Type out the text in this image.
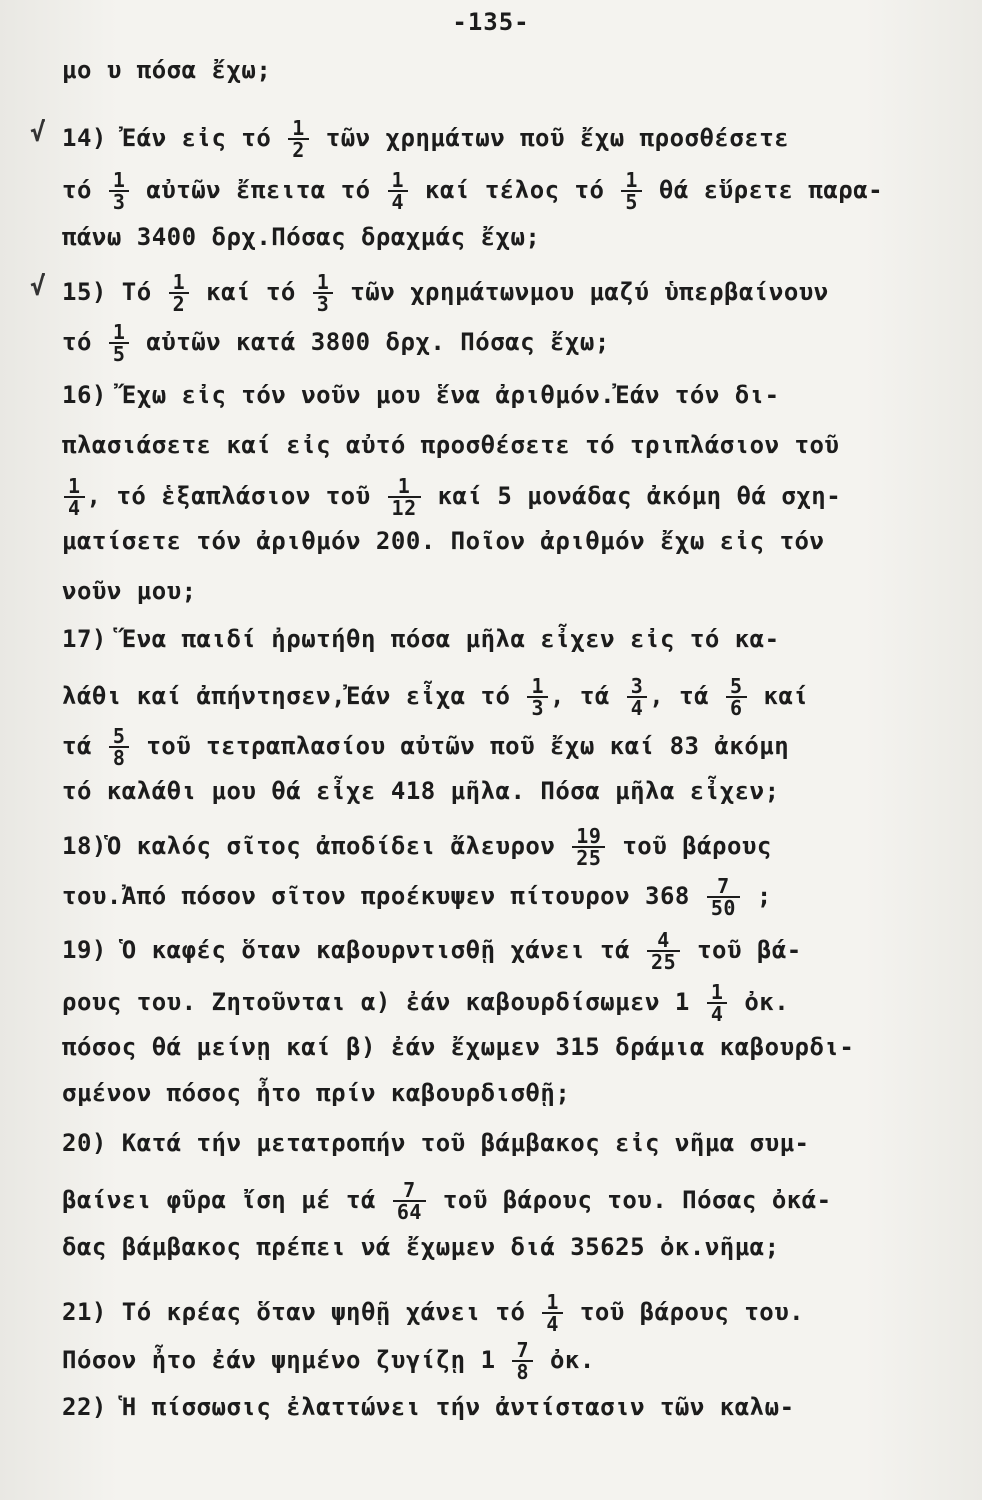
-135-
√
√
μο υ πόσα ἔχω;
14) Ἐάν εἰς τό $\frac{1}{2}$ τῶν χρημάτων ποῦ ἔχω προσθέσετε
τό $\frac{1}{3}$ αὐτῶν ἔπειτα τό $\frac{1}{4}$ καί τέλος τό $\frac{1}{5}$ θά εὕρετε παρα-
πάνω 3400 δρχ.Πόσας δραχμάς ἔχω;
15) Τό $\frac{1}{2}$ καί τό $\frac{1}{3}$ τῶν χρημάτωνμου μαζύ ὑπερβαίνουν
τό $\frac{1}{5}$ αὐτῶν κατά 3800 δρχ. Πόσας ἔχω;
16) Ἔχω εἰς τόν νοῦν μου ἕνα ἀριθμόν.Ἐάν τόν δι-
πλασιάσετε καί εἰς αὐτό προσθέσετε τό τριπλάσιον τοῦ
$\frac{1}{4}$ , τό ἑξαπλάσιον τοῦ $\frac{1}{12}$ καί 5 μονάδας ἀκόμη θά σχη-
ματίσετε τόν ἀριθμόν 200. Ποῖον ἀριθμόν ἔχω εἰς τόν
νοῦν μου;
17) Ἕνα παιδί ἠρωτήθη πόσα μῆλα εἶχεν εἰς τό κα-
λάθι καί ἀπήντησεν,Ἐάν εἶχα τό $\frac{1}{3}$ , τά $\frac{3}{4}$ , τά $\frac{5}{6}$ καί
τά $\frac{5}{8}$ τοῦ τετραπλασίου αὐτῶν ποῦ ἔχω καί 83 ἀκόμη
τό καλάθι μου θά εἶχε 418 μῆλα. Πόσα μῆλα εἶχεν;
18)Ὁ καλός σῖτος ἀποδίδει ἄλευρον $\frac{19}{25}$ τοῦ βάρους
του.Ἀπό πόσον σῖτον προέκυψεν πίτουρον $368 \frac{7}{50}$ ;
19) Ὁ καφές ὅταν καβουρντισθῇ χάνει τά $\frac{4}{25}$ τοῦ βά-
ρους του. Ζητοῦνται α) ἐάν καβουρδίσωμεν $1 \frac{1}{4}$ ὀκ.
πόσος θά μείνῃ καί β) ἐάν ἔχωμεν 315 δράμια καβουρδι-
σμένον πόσος ἦτο πρίν καβουρδισθῇ;
20) Κατά τήν μετατροπήν τοῦ βάμβακος εἰς νῆμα συμ-
βαίνει φῦρα ἴση μέ τά $\frac{7}{64}$ τοῦ βάρους του. Πόσας ὀκά-
δας βάμβακος πρέπει νά ἔχωμεν διά 35625 ὀκ.νῆμα;
21) Τό κρέας ὅταν ψηθῇ χάνει τό $\frac{1}{4}$ τοῦ βάρους του.
Πόσον ἦτο ἐάν ψημένο ζυγίζῃ $1 \frac{7}{8}$ ὀκ.
22) Ἡ πίσσωσις ἐλαττώνει τήν ἀντίστασιν τῶν καλω-
